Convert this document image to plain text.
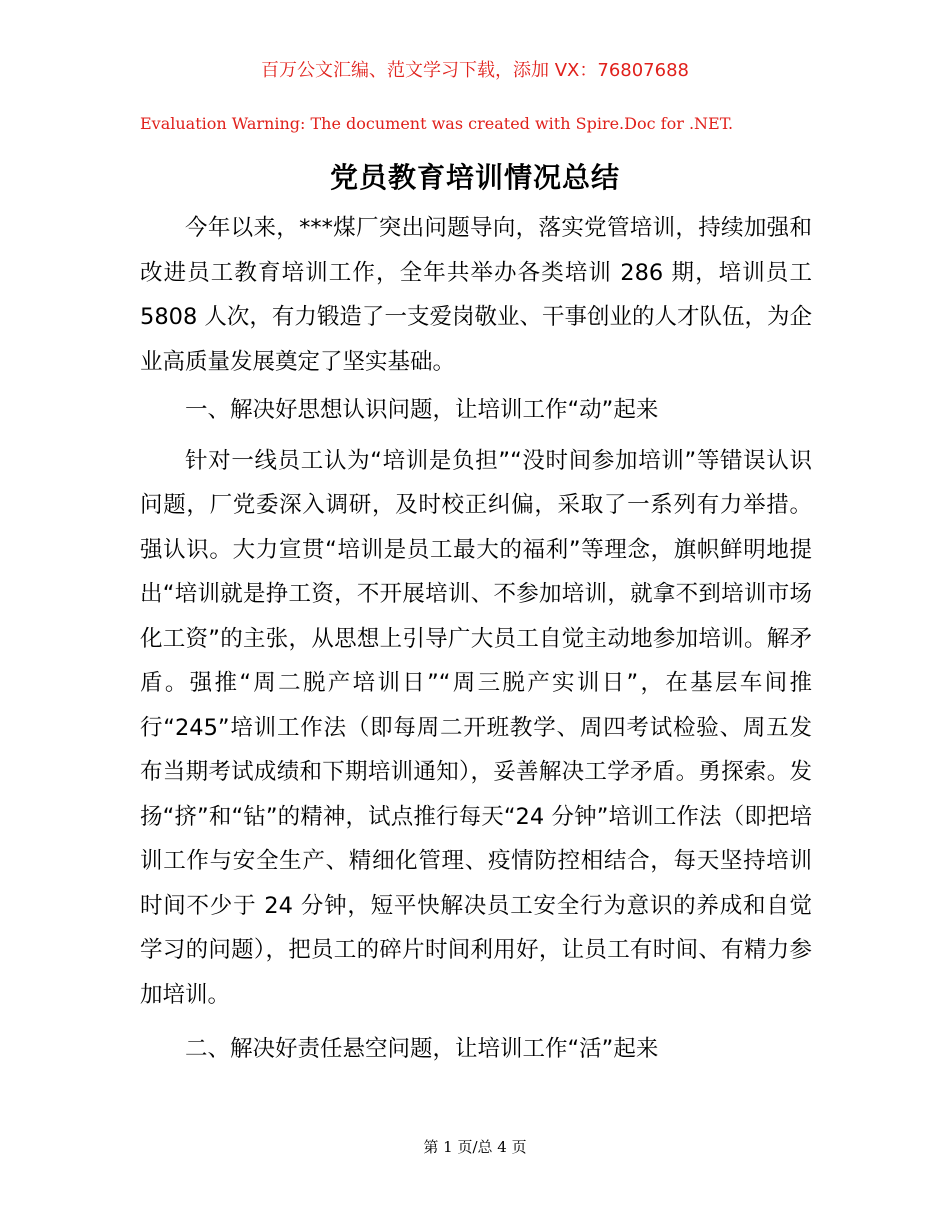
百万公文汇编、范文学习下载，添加 VX：76807688
Evaluation Warning: The document was created with Spire.Doc for .NET.
党员教育培训情况总结

今年以来，***煤厂突出问题导向，落实党管培训，持续加强和改进员工教育培训工作，全年共举办各类培训 286 期，培训员工 5808 人次，有力锻造了一支爱岗敬业、干事创业的人才队伍，为企业高质量发展奠定了坚实基础。

一、解决好思想认识问题，让培训工作“动”起来

针对一线员工认为“培训是负担”“没时间参加培训”等错误认识问题，厂党委深入调研，及时校正纠偏，采取了一系列有力举措。强认识。大力宣贯“培训是员工最大的福利”等理念，旗帜鲜明地提出“培训就是挣工资，不开展培训、不参加培训，就拿不到培训市场化工资”的主张，从思想上引导广大员工自觉主动地参加培训。解矛盾。强推“周二脱产培训日”“周三脱产实训日”，在基层车间推行“245”培训工作法（即每周二开班教学、周四考试检验、周五发布当期考试成绩和下期培训通知），妥善解决工学矛盾。勇探索。发扬“挤”和“钻”的精神，试点推行每天“24 分钟”培训工作法（即把培训工作与安全生产、精细化管理、疫情防控相结合，每天坚持培训时间不少于 24 分钟，短平快解决员工安全行为意识的养成和自觉学习的问题），把员工的碎片时间利用好，让员工有时间、有精力参加培训。

二、解决好责任悬空问题，让培训工作“活”起来

第 1 页/总 4 页
